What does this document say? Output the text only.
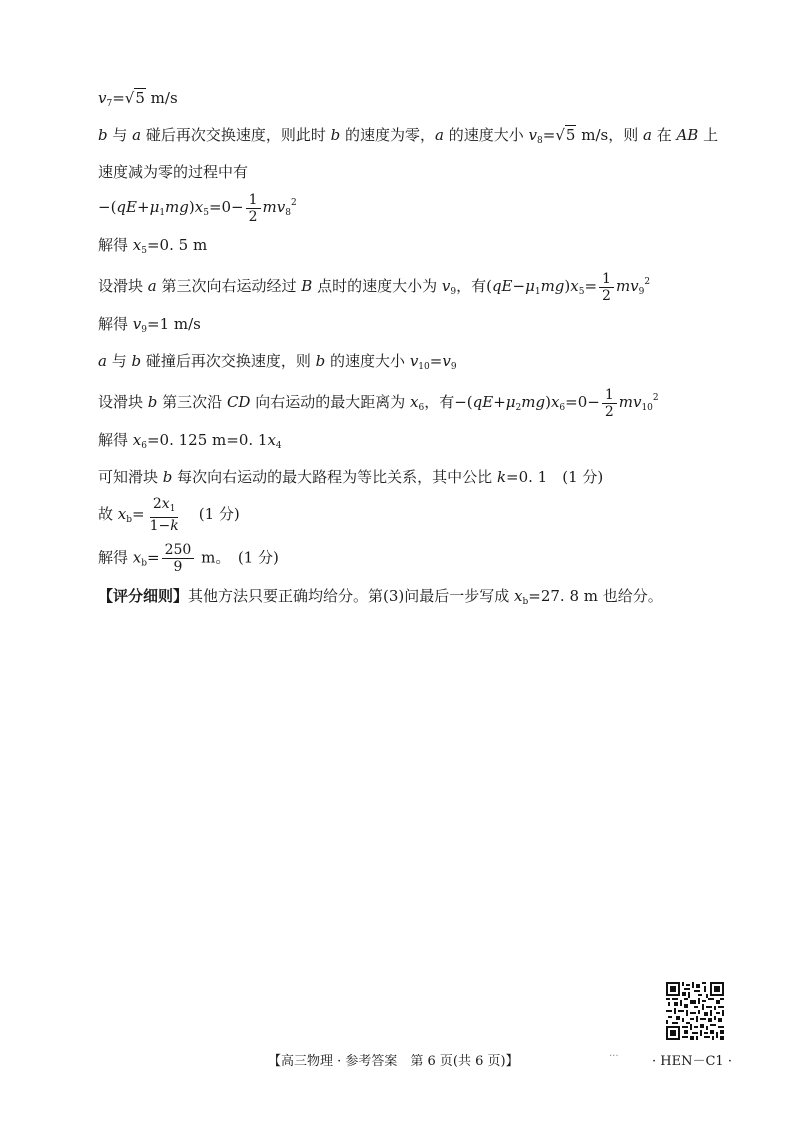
$v_7=√5$ m/s
b 与 a 碰后再次交换速度，则此时 b 的速度为零，a 的速度大小 $v_8=√5$ m/s，则 a 在 AB 上
速度减为零的过程中有
$-(qE+\mu_1mg)x_5=0- \frac{1}{2} mv_8^2$
解得 $x_5=0$. 5 m
设滑块 a 第三次向右运动经过 B 点时的速度大小为 $v_9$，有$(qE-\mu_1mg)x_5= \frac{1}{2} mv_9^2$
解得 $v_9=1$ m/s
a 与 b 碰撞后再次交换速度，则 b 的速度大小 $v_{10}=v_9$
设滑块 b 第三次沿 CD 向右运动的最大距离为 $x_6$，有$-(qE+\mu_2mg)x_6=0- \frac{1}{2} mv_{10}^2$
解得 $x_6=0$. 125 m=0. $1x_4$
可知滑块 b 每次向右运动的最大路程为等比关系，其中公比 k=0. 1　(1 分)
故 $x_b= \frac{2x_1}{1-k}$ 　(1 分)
解得 $x_b= \frac{250}{9}$ m。　(1 分)
【评分细则】其他方法只要正确均给分。第(3)问最后一步写成 $x_b=27$. 8 m 也给分。
【高三物理 · 参考答案　第 6 页(共 6 页)】
...
· HEN－C1 ·
